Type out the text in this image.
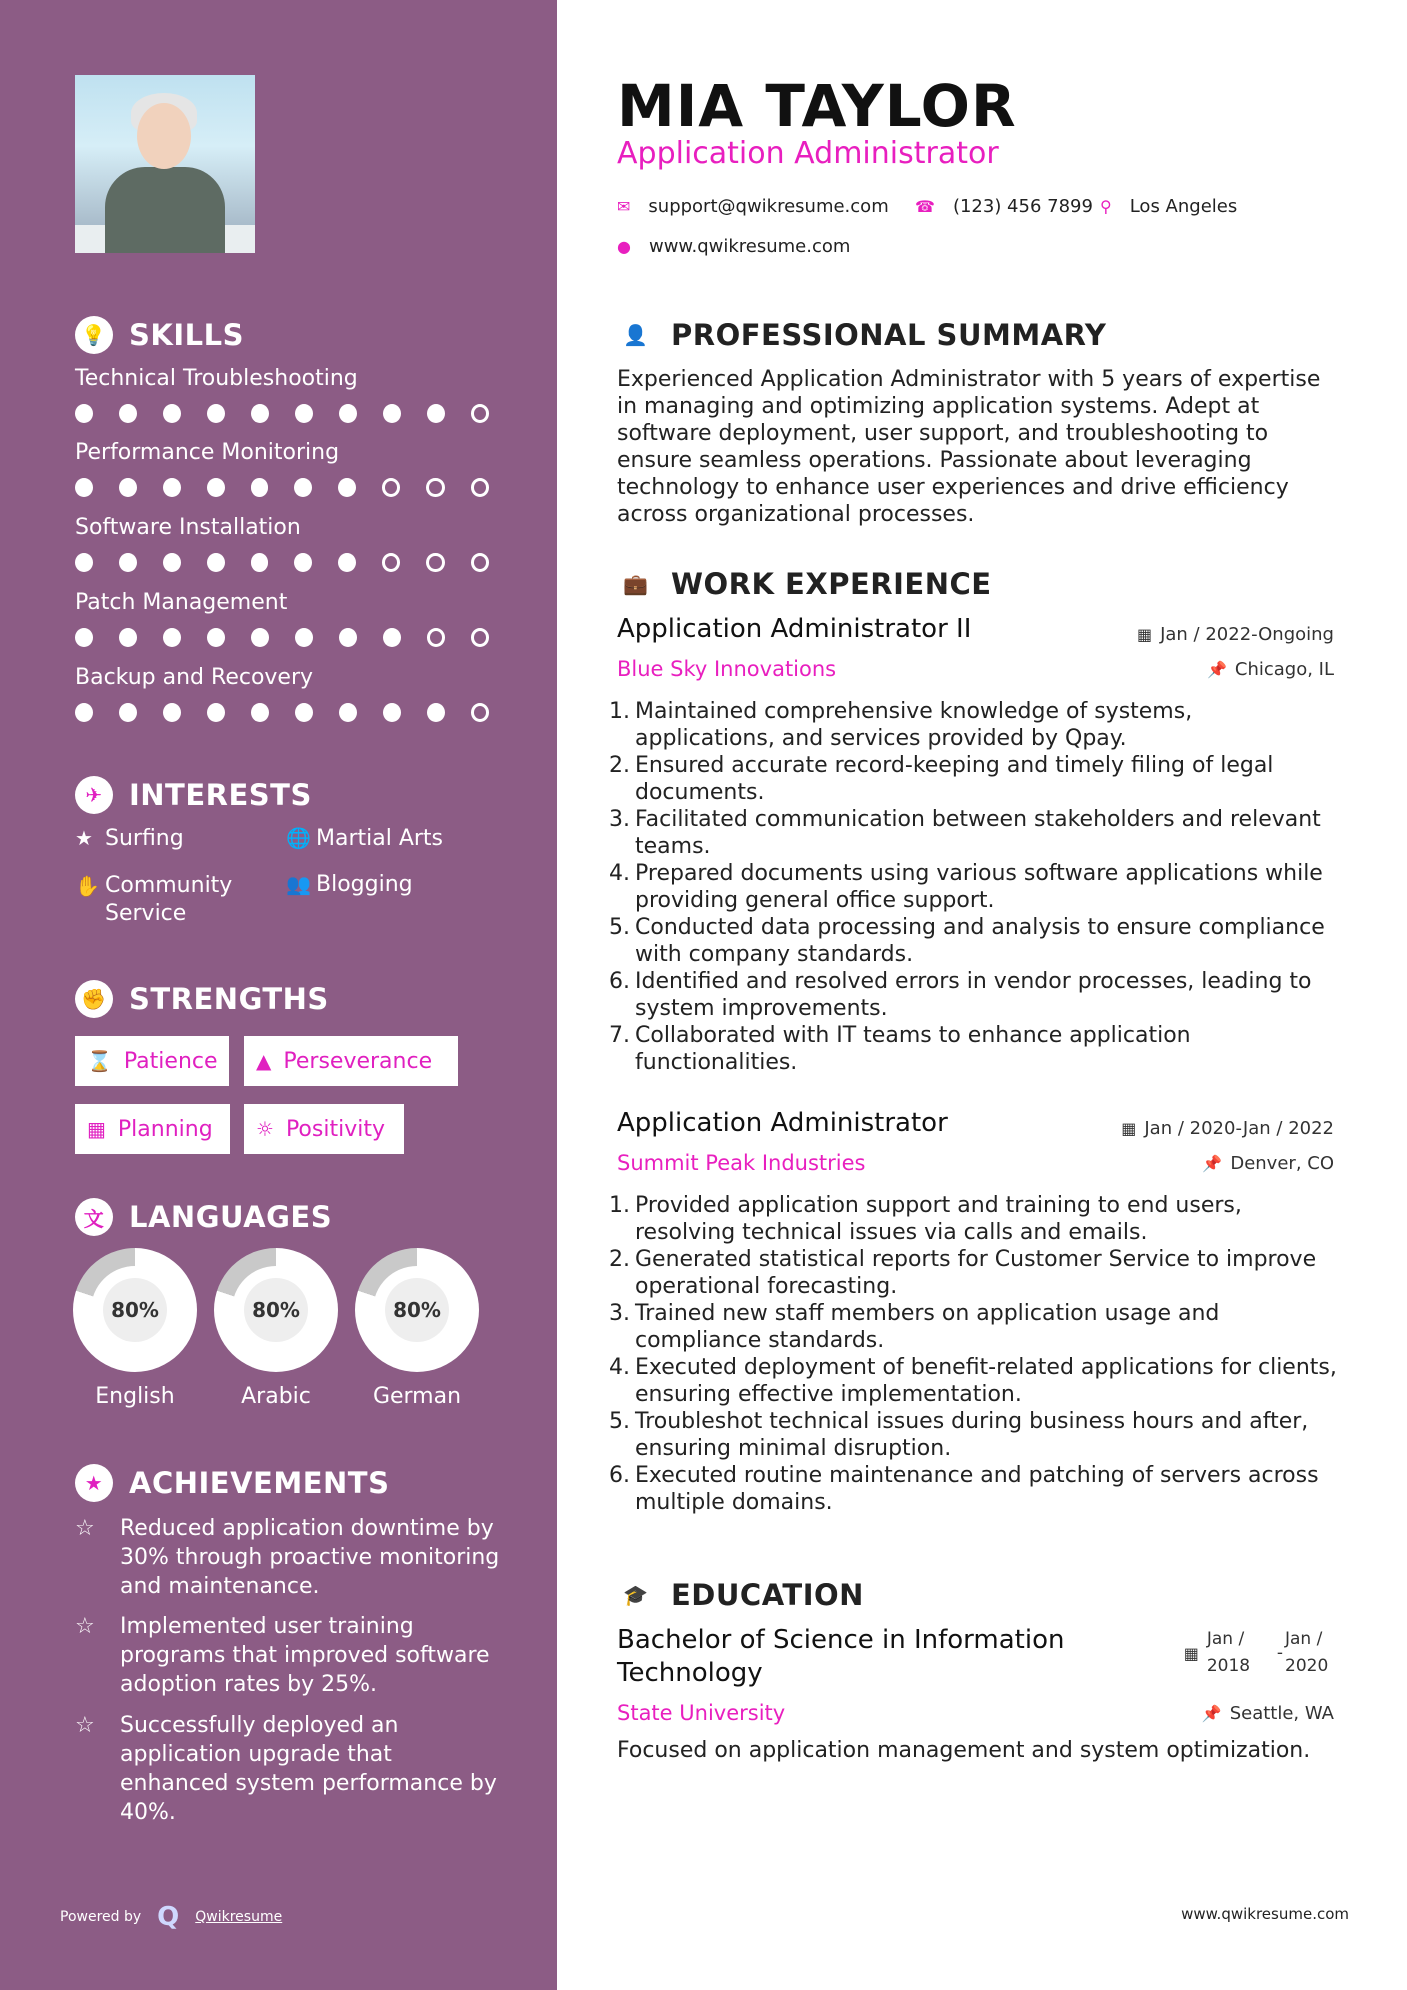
💡 SKILLS
Technical Troubleshooting
Performance Monitoring
Software Installation
Patch Management
Backup and Recovery
✈ INTERESTS
★ Surfing	🌐 Martial Arts
✋ Community Service
👥 Blogging
✊ STRENGTHS
⌛ Patience ▲ Perseverance
▦ Planning ☼ Positivity
文 LANGUAGES
80%
English
80%
Arabic
80%
German
★ ACHIEVEMENTS
☆	Reduced application downtime by 30% through proactive monitoring and maintenance.
☆	Implemented user training programs that improved software adoption rates by 25%.
☆	Successfully deployed an application upgrade that enhanced system performance by 40%.
Powered by Q Qwikresume
MIA TAYLOR
Application Administrator
✉ support@qwikresume.com ☎ (123) 456 7899 ⚲ Los Angeles
● www.qwikresume.com
👤 PROFESSIONAL SUMMARY
Experienced Application Administrator with 5 years of expertise in managing and optimizing application systems. Adept at software deployment, user support, and troubleshooting to ensure seamless operations. Passionate about leveraging technology to enhance user experiences and drive efficiency across organizational processes.
💼 WORK EXPERIENCE
Application Administrator II	▦ Jan / 2022-Ongoing
Blue Sky Innovations	📌 Chicago, IL
1. Maintained comprehensive knowledge of systems, applications, and services provided by Qpay.
2. Ensured accurate record-keeping and timely filing of legal documents.
3. Facilitated communication between stakeholders and relevant teams.
4. Prepared documents using various software applications while providing general office support.
5. Conducted data processing and analysis to ensure compliance with company standards.
6. Identified and resolved errors in vendor processes, leading to system improvements.
7. Collaborated with IT teams to enhance application functionalities.
Application Administrator	▦ Jan / 2020-Jan / 2022
Summit Peak Industries	📌 Denver, CO
1. Provided application support and training to end users, resolving technical issues via calls and emails.
2. Generated statistical reports for Customer Service to improve operational forecasting.
3. Trained new staff members on application usage and compliance standards.
4. Executed deployment of benefit-related applications for clients, ensuring effective implementation.
5. Troubleshot technical issues during business hours and after, ensuring minimal disruption.
6. Executed routine maintenance and patching of servers across multiple domains.
🎓 EDUCATION
Bachelor of Science in Information Technology
▦
Jan / 2018
-
Jan / 2020
State University	📌 Seattle, WA
Focused on application management and system optimization.
www.qwikresume.com
